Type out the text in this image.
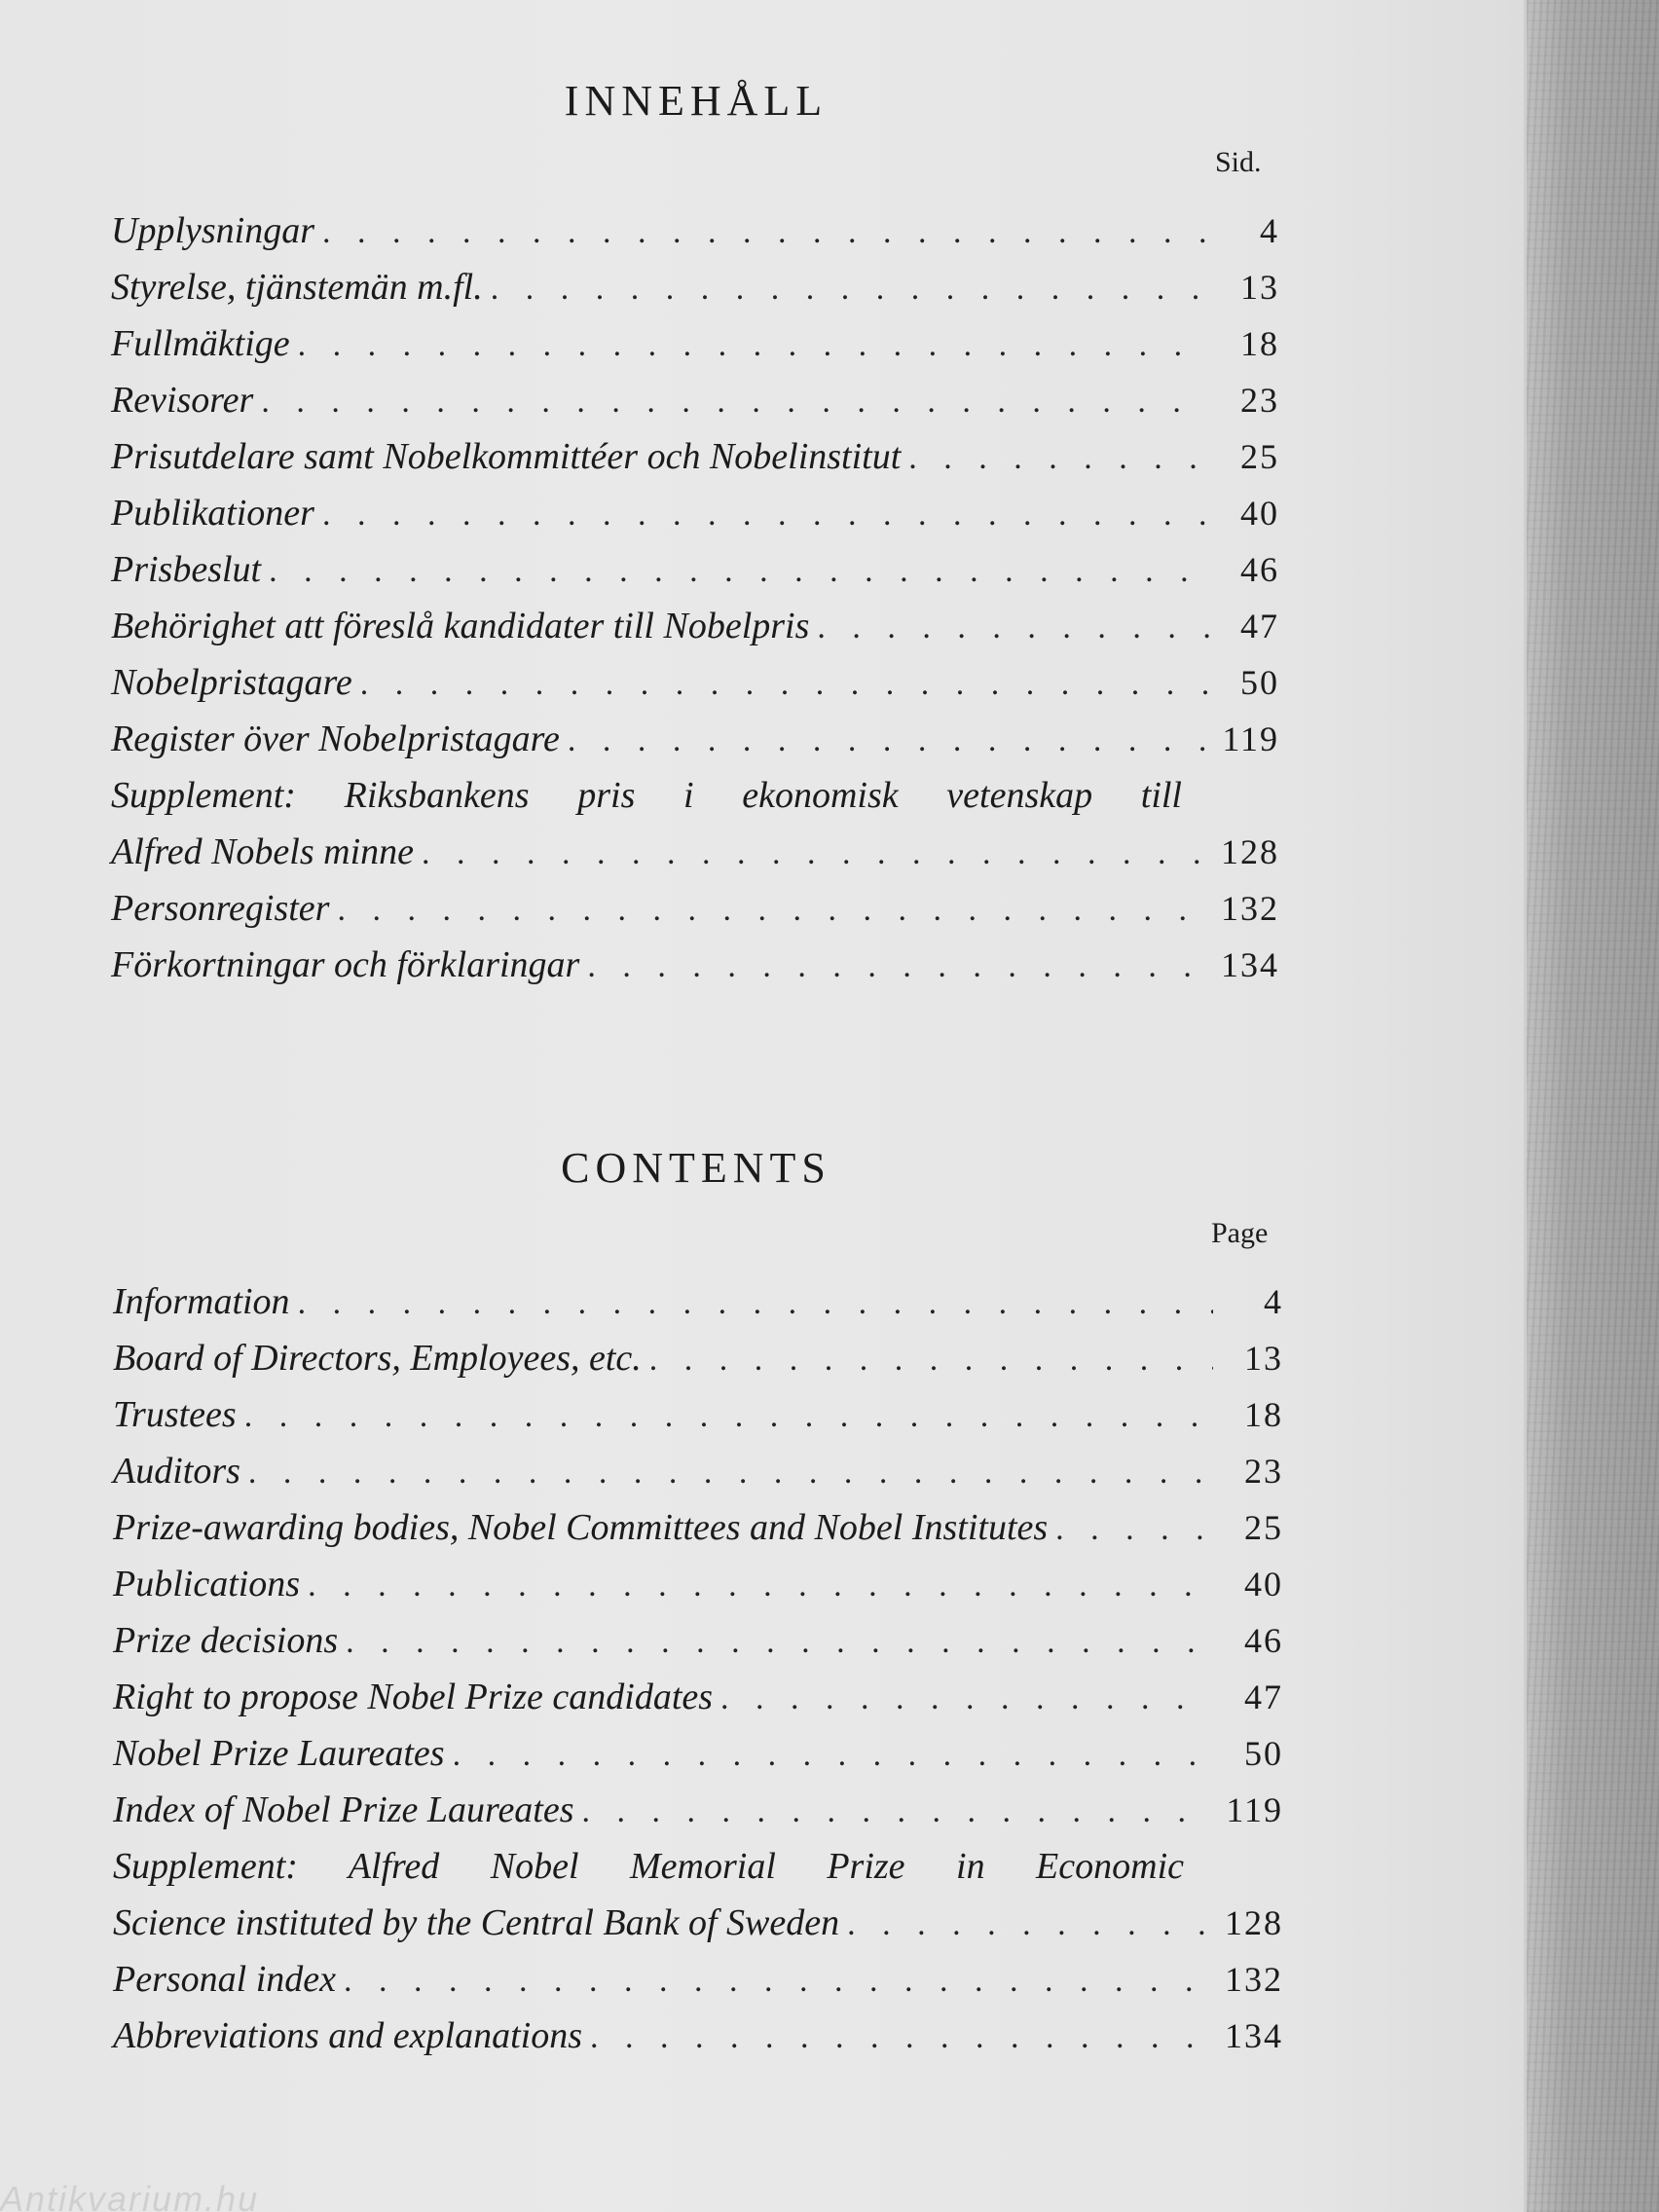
INNEHÅLL
Sid.
Upplysningar . . .	4
Styrelse, tjänstemän m.fl. . . .	13
Fullmäktige . . .	18
Revisorer . . .	23
Prisutdelare samt Nobelkommittéer och Nobelinstitut . . .	25
Publikationer . . .	40
Prisbeslut . . .	46
Behörighet att föreslå kandidater till Nobelpris . . .	47
Nobelpristagare . . .	50
Register över Nobelpristagare . . .	119
Supplement: Riksbankens pris i ekonomisk vetenskap till
Alfred Nobels minne . . .	128
Personregister . . .	132
Förkortningar och förklaringar . . .	134
CONTENTS
Page
Information . . .	4
Board of Directors, Employees, etc. . . .	13
Trustees . . .	18
Auditors . . .	23
Prize-awarding bodies, Nobel Committees and Nobel Institutes . . .	25
Publications . . .	40
Prize decisions . . .	46
Right to propose Nobel Prize candidates . . .	47
Nobel Prize Laureates . . .	50
Index of Nobel Prize Laureates . . .	119
Supplement: Alfred Nobel Memorial Prize in Economic
Science instituted by the Central Bank of Sweden . . .	128
Personal index . . .	132
Abbreviations and explanations . . .	134
Antikvarium.hu
